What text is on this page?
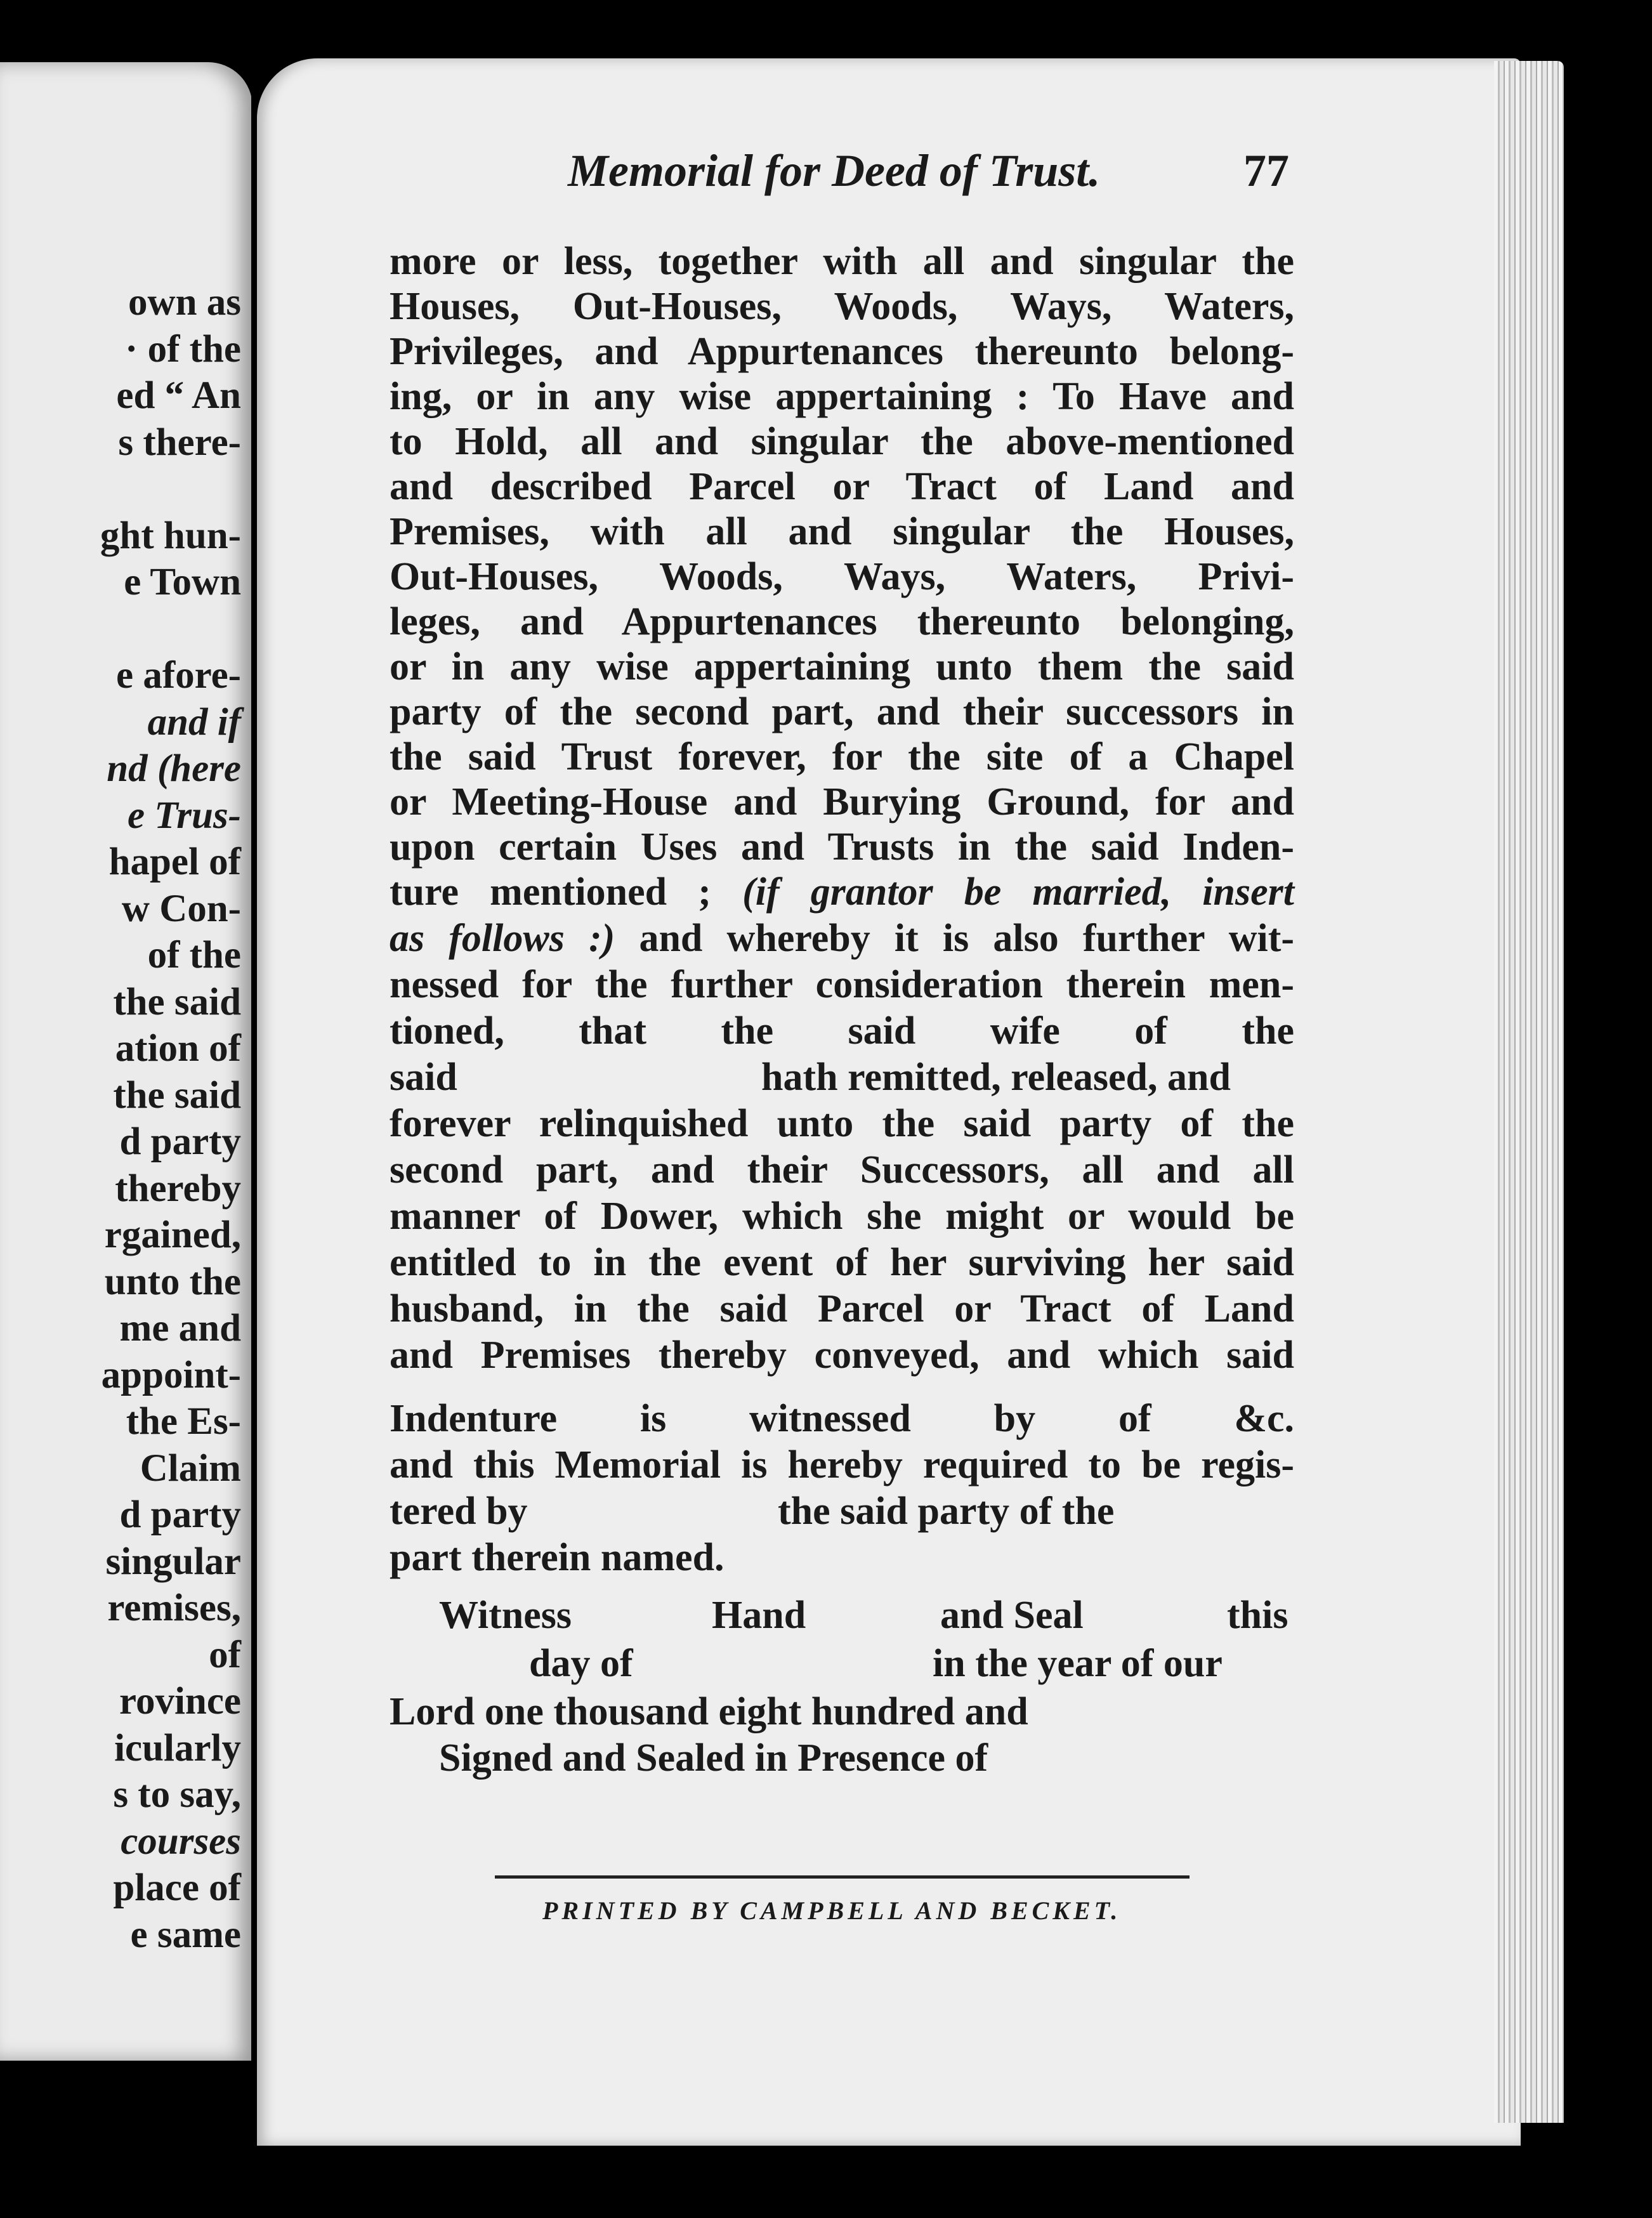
own as
· of the
ed “ An
s there-
ght hun-
e Town
e afore-
and if
nd (here
e Trus-
hapel of
w Con-
of the
the said
ation of
the said
d party
thereby
rgained,
unto the
me and
appoint-
the Es-
Claim
d party
singular
remises,
of
rovince
icularly
s to say,
courses
place of
e same
Memorial for Deed of Trust.	77
more or less, together with all and singular the
Houses, Out-Houses, Woods, Ways, Waters,
Privileges, and Appurtenances thereunto belong-
ing, or in any wise appertaining : To Have and
to Hold, all and singular the above-mentioned
and described Parcel or Tract of Land and
Premises, with all and singular the Houses,
Out-Houses, Woods, Ways, Waters, Privi-
leges, and Appurtenances thereunto belonging,
or in any wise appertaining unto them the said
party of the second part, and their successors in
the said Trust forever, for the site of a Chapel
or Meeting-House and Burying Ground, for and
upon certain Uses and Trusts in the said Inden-
ture mentioned ; (if grantor be married, insert
as follows :) and whereby it is also further wit-
nessed for the further consideration therein men-
tioned, that the said wife of the
said	hath remitted, released, and
forever relinquished unto the said party of the
second part, and their Successors, all and all
manner of Dower, which she might or would be
entitled to in the event of her surviving her said
husband, in the said Parcel or Tract of Land
and Premises thereby conveyed, and which said
Indenture is witnessed by of &c.
and this Memorial is hereby required to be regis-
tered by	the said party of the
part therein named.
Witness	Hand	and Seal	this
day of	in the year of our
Lord one thousand eight hundred and
Signed and Sealed in Presence of
PRINTED BY CAMPBELL AND BECKET.
